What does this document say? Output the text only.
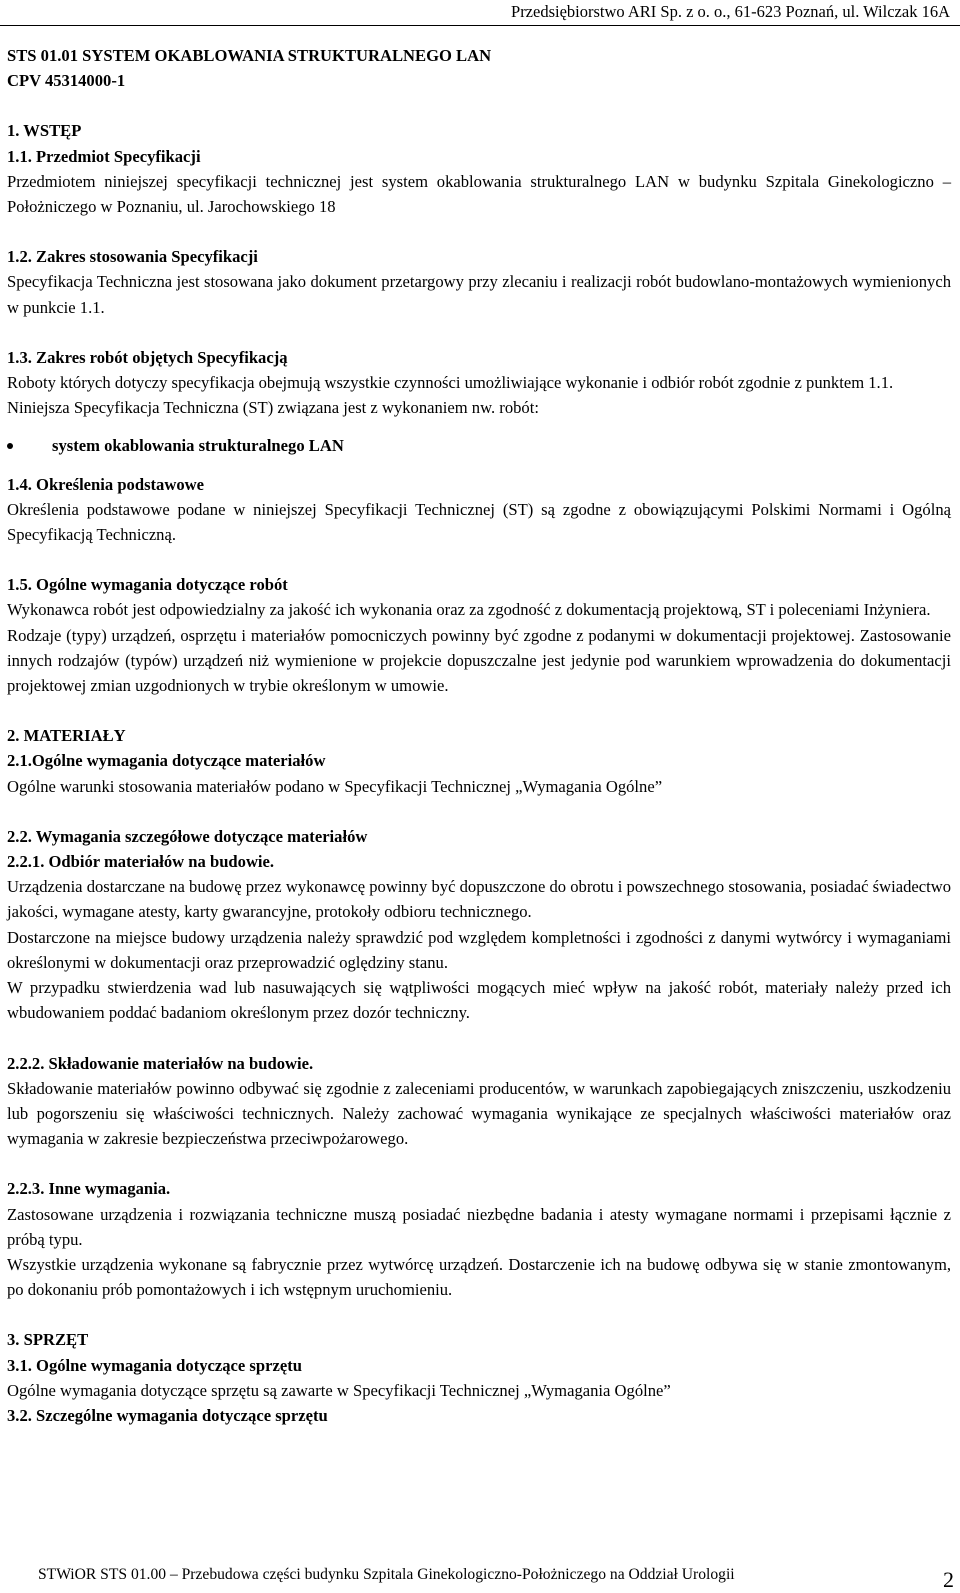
Przedsiębiorstwo ARI Sp. z o. o., 61-623 Poznań, ul. Wilczak 16A

STS 01.01 SYSTEM OKABLOWANIA STRUKTURALNEGO LAN

CPV 45314000-1

1. WSTĘP

1.1. Przedmiot Specyfikacji

Przedmiotem niniejszej specyfikacji technicznej jest system okablowania strukturalnego LAN w budynku Szpitala Ginekologiczno – Położniczego w Poznaniu, ul. Jarochowskiego 18

1.2. Zakres stosowania Specyfikacji

Specyfikacja Techniczna jest stosowana jako dokument przetargowy przy zlecaniu i realizacji robót budowlano-montażowych wymienionych w punkcie 1.1.

1.3. Zakres robót objętych Specyfikacją

Roboty których dotyczy specyfikacja obejmują wszystkie czynności umożliwiające wykonanie i odbiór robót zgodnie z punktem 1.1.

Niniejsza Specyfikacja Techniczna (ST) związana jest z wykonaniem nw. robót:

system okablowania strukturalnego LAN

1.4. Określenia podstawowe

Określenia podstawowe podane w niniejszej Specyfikacji Technicznej (ST) są zgodne z obowiązującymi Polskimi Normami i Ogólną Specyfikacją Techniczną.

1.5. Ogólne wymagania dotyczące robót

Wykonawca robót jest odpowiedzialny za jakość ich wykonania oraz za zgodność z dokumentacją projektową, ST i poleceniami Inżyniera.

Rodzaje (typy) urządzeń, osprzętu i materiałów pomocniczych powinny być zgodne z podanymi w dokumentacji projektowej. Zastosowanie innych rodzajów (typów) urządzeń niż wymienione w projekcie dopuszczalne jest jedynie pod warunkiem wprowadzenia do dokumentacji projektowej zmian uzgodnionych w trybie określonym w umowie.

2. MATERIAŁY

2.1.Ogólne wymagania dotyczące materiałów

Ogólne warunki stosowania materiałów podano w Specyfikacji Technicznej „Wymagania Ogólne”

2.2. Wymagania szczegółowe dotyczące materiałów

2.2.1. Odbiór materiałów na budowie.

Urządzenia dostarczane na budowę przez wykonawcę powinny być dopuszczone do obrotu i powszechnego stosowania, posiadać świadectwo jakości, wymagane atesty, karty gwarancyjne, protokoły odbioru technicznego.

Dostarczone na miejsce budowy urządzenia należy sprawdzić pod względem kompletności i zgodności z danymi wytwórcy i wymaganiami określonymi w dokumentacji oraz przeprowadzić oględziny stanu.

W przypadku stwierdzenia wad lub nasuwających się wątpliwości mogących mieć wpływ na jakość robót, materiały należy przed ich wbudowaniem poddać badaniom określonym przez dozór techniczny.

2.2.2. Składowanie materiałów na budowie.

Składowanie materiałów powinno odbywać się zgodnie z zaleceniami producentów, w warunkach zapobiegających zniszczeniu, uszkodzeniu lub pogorszeniu się właściwości technicznych. Należy zachować wymagania wynikające ze specjalnych właściwości materiałów oraz wymagania w zakresie bezpieczeństwa przeciwpożarowego.

2.2.3. Inne wymagania.

Zastosowane urządzenia i rozwiązania techniczne muszą posiadać niezbędne badania i atesty wymagane normami i przepisami łącznie z próbą typu.

Wszystkie urządzenia wykonane są fabrycznie przez wytwórcę urządzeń. Dostarczenie ich na budowę odbywa się w stanie zmontowanym, po dokonaniu prób pomontażowych i ich wstępnym uruchomieniu.

3. SPRZĘT

3.1. Ogólne wymagania dotyczące sprzętu

Ogólne wymagania dotyczące sprzętu są zawarte w Specyfikacji Technicznej „Wymagania Ogólne”

3.2. Szczególne wymagania dotyczące sprzętu

STWiOR STS 01.00 – Przebudowa części budynku Szpitala Ginekologiczno-Położniczego na Oddział Urologii	2
